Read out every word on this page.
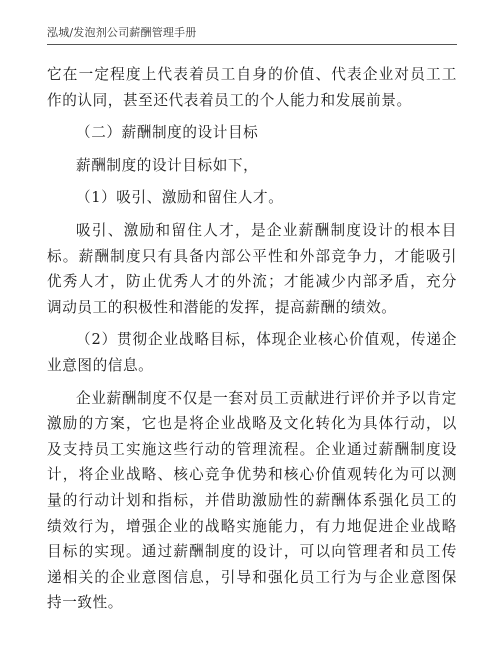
泓城/发泡剂公司薪酬管理手册

它在一定程度上代表着员工自身的价值、代表企业对员工工作的认同，甚至还代表着员工的个人能力和发展前景。

（二）薪酬制度的设计目标

薪酬制度的设计目标如下，

（1）吸引、激励和留住人才。

吸引、激励和留住人才，是企业薪酬制度设计的根本目标。薪酬制度只有具备内部公平性和外部竞争力，才能吸引优秀人才，防止优秀人才的外流；才能减少内部矛盾，充分调动员工的积极性和潜能的发挥，提高薪酬的绩效。

（2）贯彻企业战略目标，体现企业核心价值观，传递企业意图的信息。

企业薪酬制度不仅是一套对员工贡献进行评价并予以肯定激励的方案，它也是将企业战略及文化转化为具体行动，以及支持员工实施这些行动的管理流程。企业通过薪酬制度设计，将企业战略、核心竞争优势和核心价值观转化为可以测量的行动计划和指标，并借助激励性的薪酬体系强化员工的绩效行为，增强企业的战略实施能力，有力地促进企业战略目标的实现。通过薪酬制度的设计，可以向管理者和员工传递相关的企业意图信息，引导和强化员工行为与企业意图保持一致性。
